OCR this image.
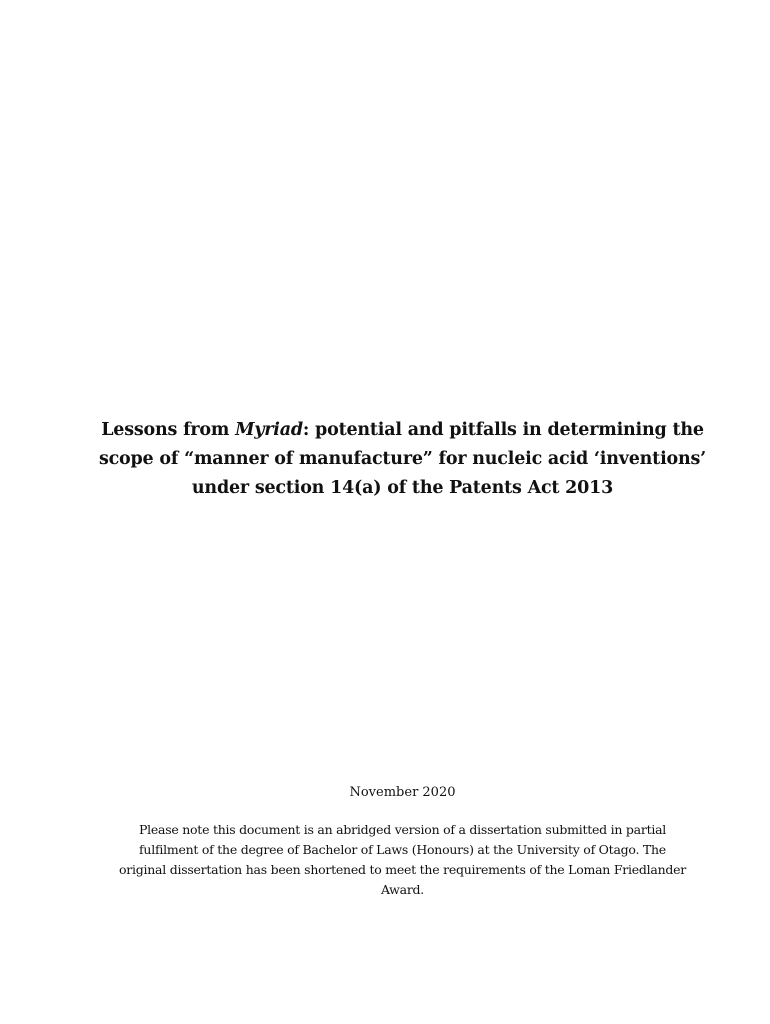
Lessons from Myriad: potential and pitfalls in determining the
scope of “manner of manufacture” for nucleic acid ‘inventions’
under section 14(a) of the Patents Act 2013

November 2020

Please note this document is an abridged version of a dissertation submitted in partial
fulfilment of the degree of Bachelor of Laws (Honours) at the University of Otago. The
original dissertation has been shortened to meet the requirements of the Loman Friedlander
Award.
